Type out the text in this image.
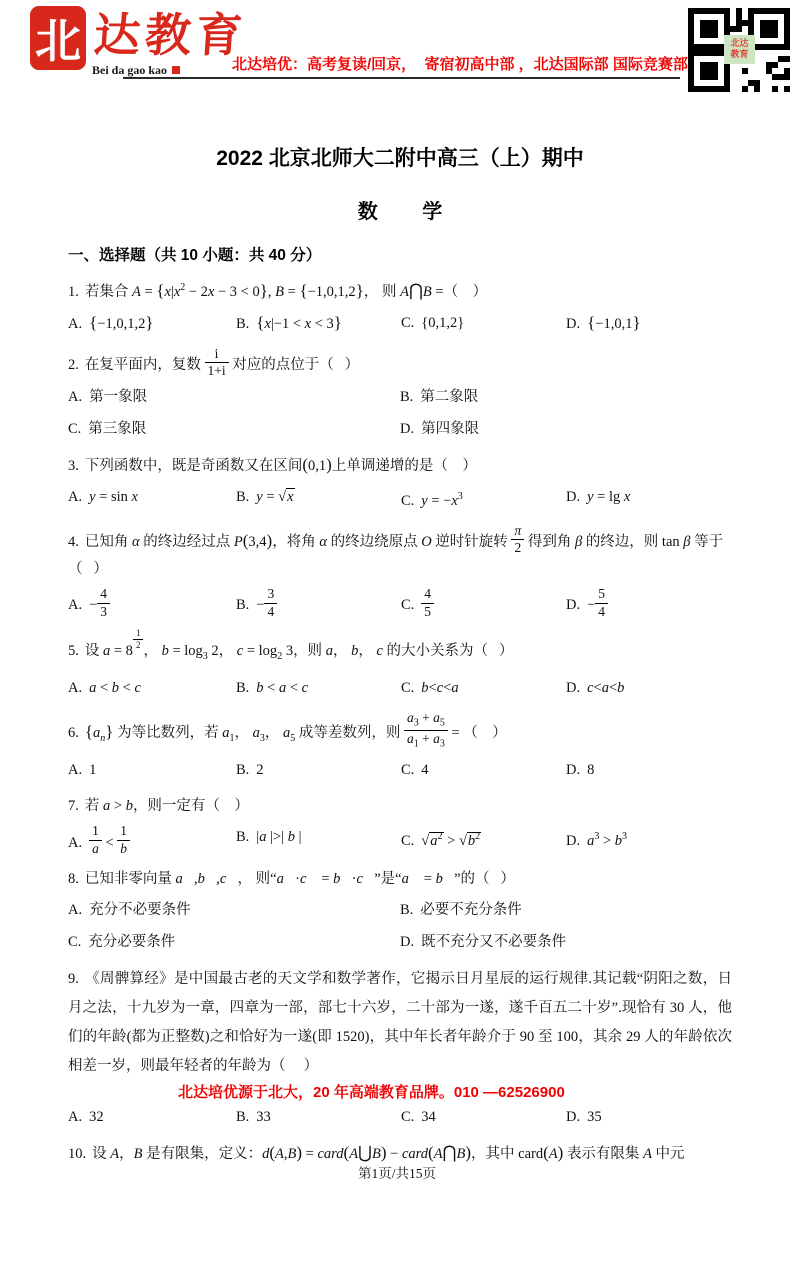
北 达教育
Bei da gao kao	北达培优：高考复读/回京，  寄宿初高中部 ，北达国际部 国际竞赛部
北达
教育
2022 北京北师大二附中高三（上）期中
数        学
一、选择题（共 10 小题：共 40 分）

1. 若集合 $A = \{x|x^2 - 2x - 3 < 0\}$, B = {−1,0,1,2}， 则 A⋂B =（    ）

A. {−1,0,1,2}	B. {x|−1 < x < 3}	C. {0,1,2}	D. {−1,0,1}

2. 在复平面内，复数 $\frac{i}{1+i}$ 对应的点位于（   ）

A. 第一象限	B. 第二象限
C. 第三象限	D. 第四象限

3. 下列函数中，既是奇函数又在区间(0,1)上单调递增的是（    ）

A. y = sin x	B. y = √x	C. $y = -x^3$	D. y = lg x

4. 已知角 α 的终边经过点 P(3,4)，将角 α 的终边绕原点 O 逆时针旋转 $\frac{\pi}{2}$ 得到角 β 的终边，则 tan β 等于（   ）

A. − $\frac{4}{3}$	B. − $\frac{3}{4}$	C. $\frac{4}{5}$	D. − $\frac{5}{4}$

5. 设 a = 8
$^{\frac{1}{2}}$
， $b = \log_3 2$， $c = \log_2 3$，则 a， b， c 的大小关系为（   ）

A. a < b < c	B. b < a < c	C. b<c<a	D. c<a<b

6. $\{a_n\}$ 为等比数列，若 $a_1$， $a_3$， $a_5$ 成等差数列，则 $\frac{a_3 + a_5}{a_1 + a_3}$ = （    ）

A. 1	B. 2	C. 4	D. 8

7. 若 a > b，则一定有（    ）

A. $\frac{1}{a} < \frac{1}{b}$	B. |a |>| b |	C. $√a^2 > √b^2$	D. $a^3 > b^3$

8. 已知非零向量 a⃗,b⃗,c⃗， 则“a⃗·c⃗ = b⃗·c⃗”是“a⃗ = b⃗”的（   ）

A. 充分不必要条件	B. 必要不充分条件
C. 充分必要条件	D. 既不充分又不必要条件

9. 《周髀算经》是中国最古老的天文学和数学著作，它揭示日月星辰的运行规律.其记载“阴阳之数，日月之法，十九岁为一章，四章为一部，部七十六岁，二十部为一遂，遂千百五二十岁”.现恰有 30 人，他们的年龄(都为正整数)之和恰好为一遂(即 1520)，其中年长者年龄介于 90 至 100，其余 29 人的年龄依次相差一岁，则最年轻者的年龄为（     ）

北达培优源于北大，20 年高端教育品牌。010 —62526900

A. 32	B. 33	C. 34	D. 35

10. 设 A，B 是有限集，定义：d(A,B) = card(A⋃B) − card(A⋂B)，其中 card(A) 表示有限集 A 中元

第1页/共15页
